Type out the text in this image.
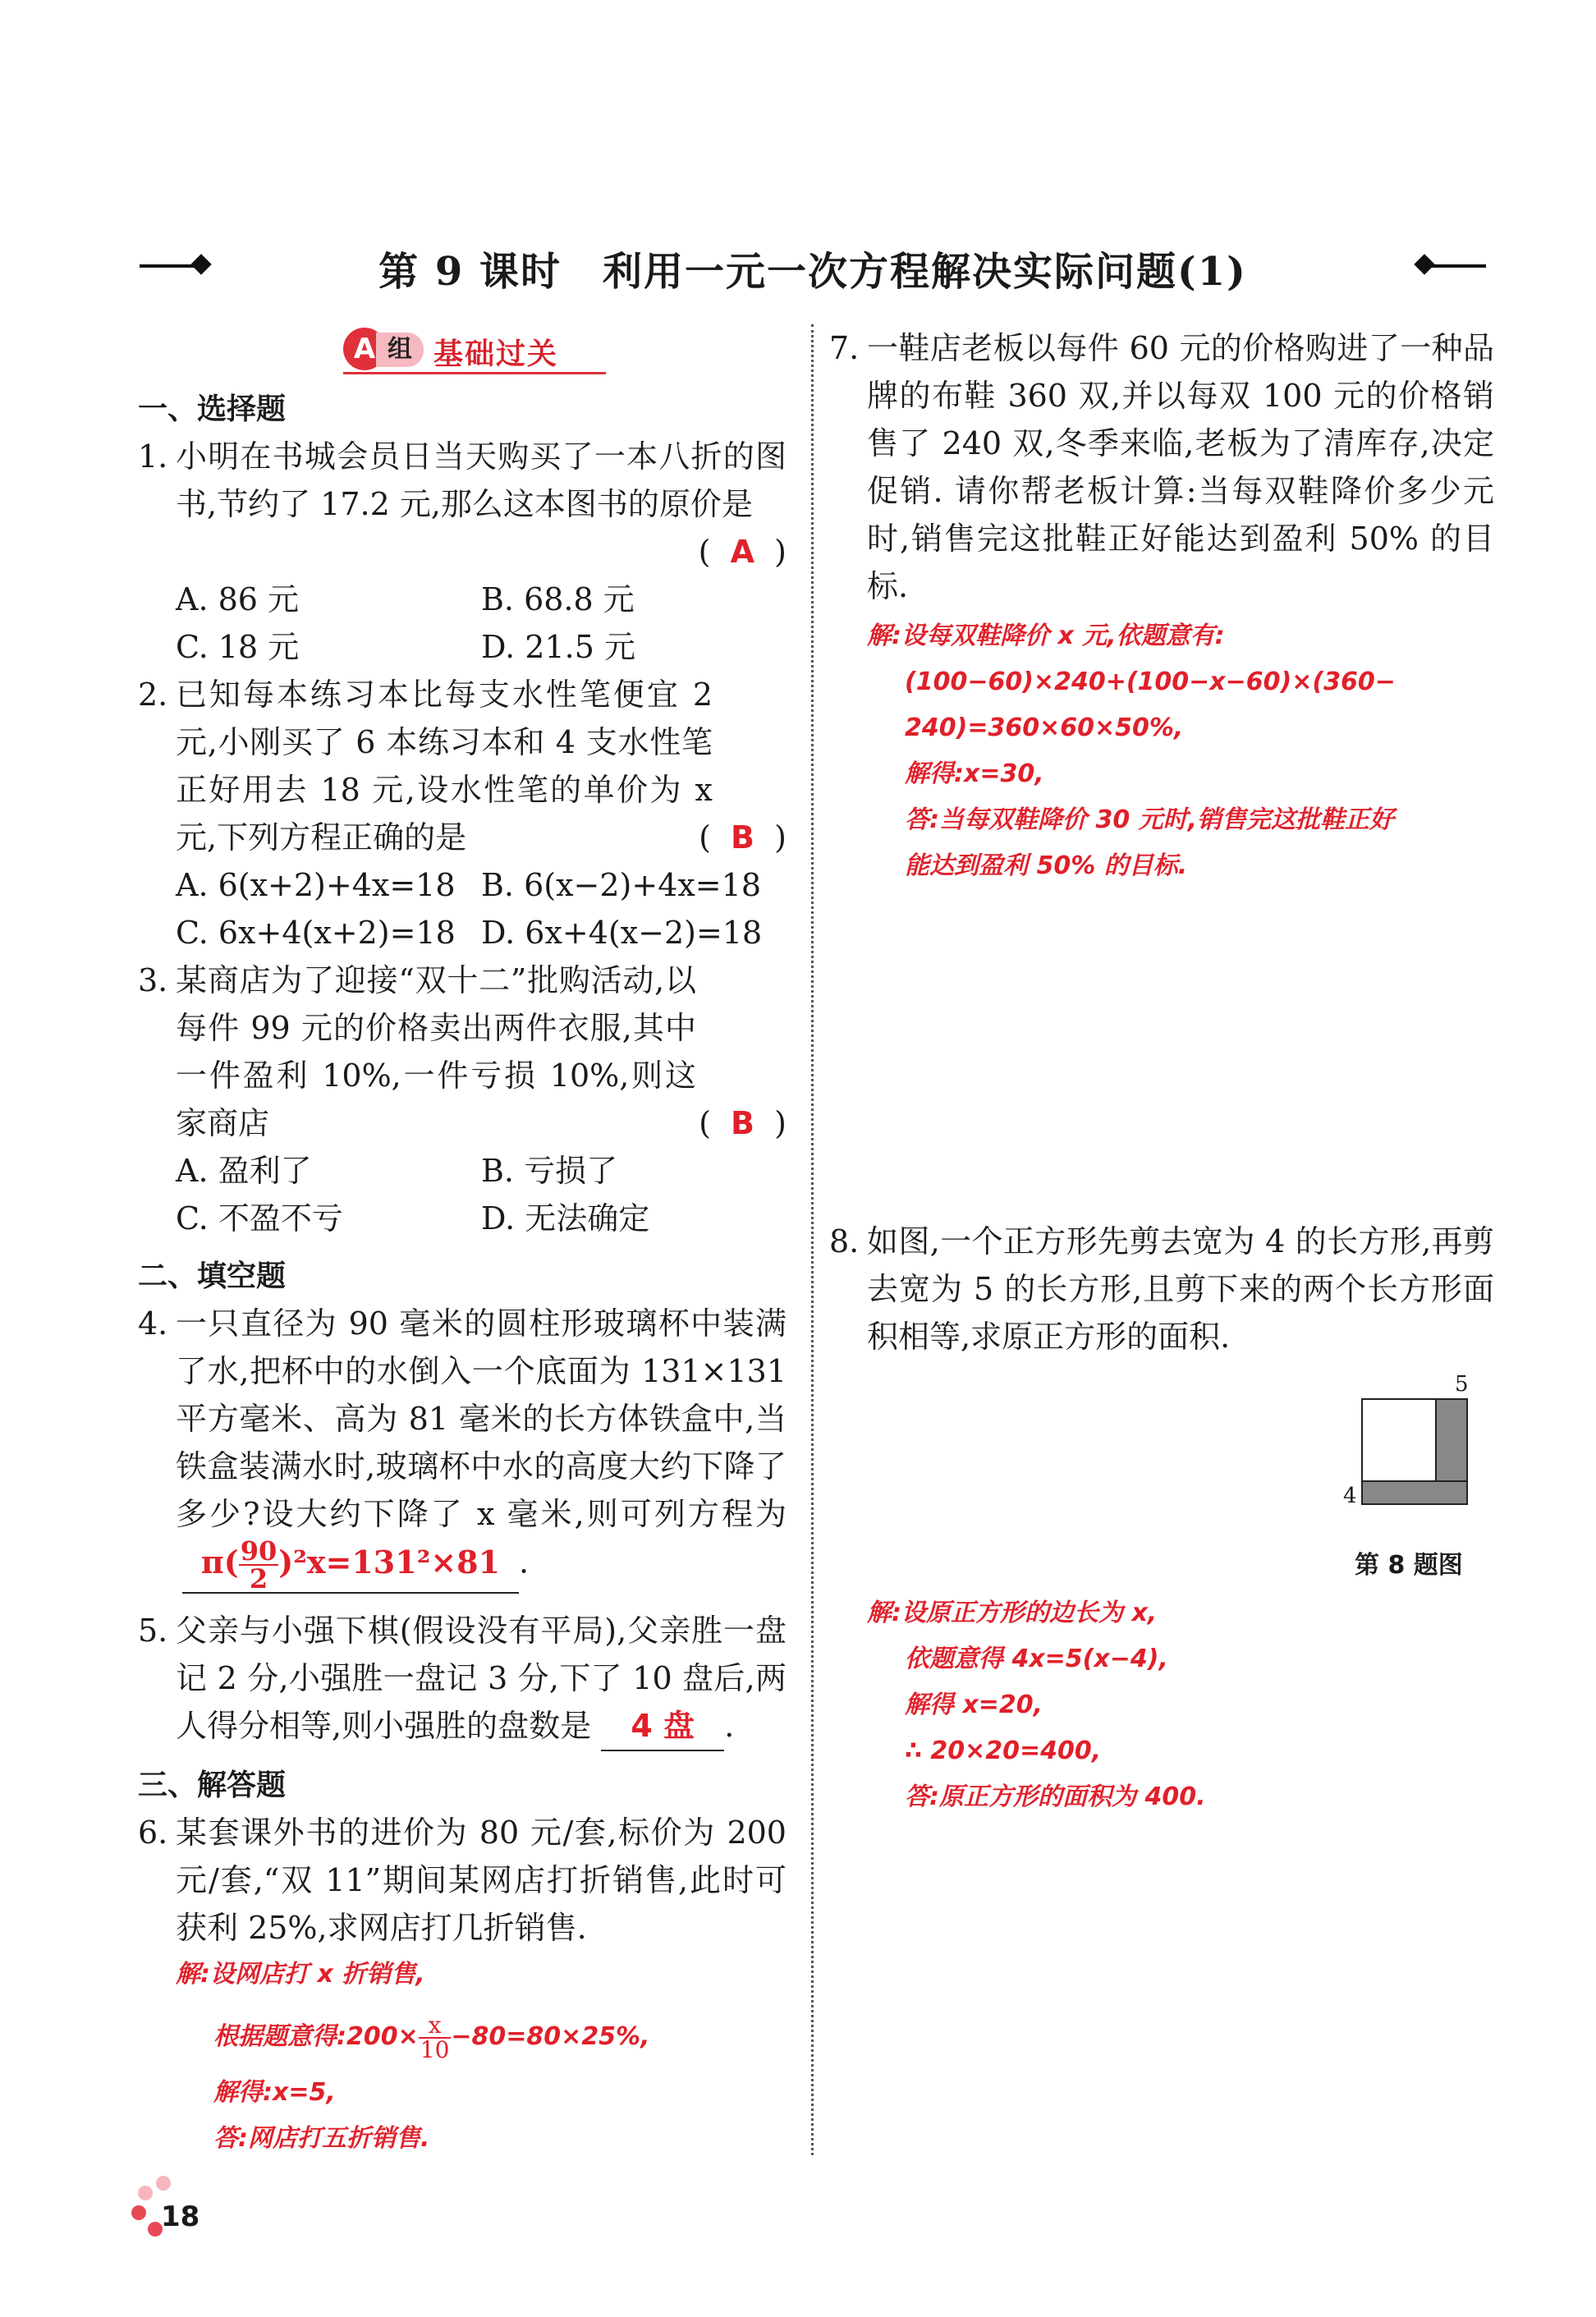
第 9 课时　利用一元一次方程解决实际问题(1)
A 组 基础过关
一、选择题
1. 小明在书城会员日当天购买了一本八折的图书,节约了 17.2 元,那么这本图书的原价是
(  A  )
A. 86 元	B. 68.8 元
C. 18 元	D. 21.5 元
2. 已知每本练习本比每支水性笔便宜 2 元,小刚买了 6 本练习本和 4 支水性笔正好用去 18 元,设水性笔的单价为 x 元,下列方程正确的是	(  B  )
A. 6(x+2)+4x=18 B. 6(x−2)+4x=18
C. 6x+4(x+2)=18 D. 6x+4(x−2)=18
3. 某商店为了迎接“双十二”批购活动,以每件 99 元的价格卖出两件衣服,其中一件盈利 10%,一件亏损 10%,则这家商店	(  B  )
A. 盈利了	B. 亏损了
C. 不盈不亏	D. 无法确定
二、填空题
4. 一只直径为 90 毫米的圆柱形玻璃杯中装满了水,把杯中的水倒入一个底面为 131×131 平方毫米、高为 81 毫米的长方体铁盒中,当铁盒装满水时,玻璃杯中水的高度大约下降了多少?设大约下降了 x 毫米,则可列方程为 $\pi( \frac{90}{2} )^2x=131^2\times 81$ .
5. 父亲与小强下棋(假设没有平局),父亲胜一盘记 2 分,小强胜一盘记 3 分,下了 10 盘后,两人得分相等,则小强胜的盘数是 4 盘 .
三、解答题
6. 某套课外书的进价为 80 元/套,标价为 200 元/套,“双 11”期间某网店打折销售,此时可获利 25%,求网店打几折销售.
解:设网店打 x 折销售,
根据题意得:200× $\frac{x}{10} -80=80\times 25\%$,
解得:x=5,
答:网店打五折销售.
7. 一鞋店老板以每件 60 元的价格购进了一种品牌的布鞋 360 双,并以每双 100 元的价格销售了 240 双,冬季来临,老板为了清库存,决定促销. 请你帮老板计算:当每双鞋降价多少元时,销售完这批鞋正好能达到盈利 50% 的目标.
解:设每双鞋降价 x 元,依题意有:
(100−60)×240+(100−x−60)×(360−
240)=360×60×50%,
解得:x=30,
答:当每双鞋降价 30 元时,销售完这批鞋正好
能达到盈利 50% 的目标.
8. 如图,一个正方形先剪去宽为 4 的长方形,再剪去宽为 5 的长方形,且剪下来的两个长方形面积相等,求原正方形的面积.
5
4
第 8 题图
解:设原正方形的边长为 x,
依题意得 4x=5(x−4),
解得 x=20,
∴ 20×20=400,
答:原正方形的面积为 400.
18
